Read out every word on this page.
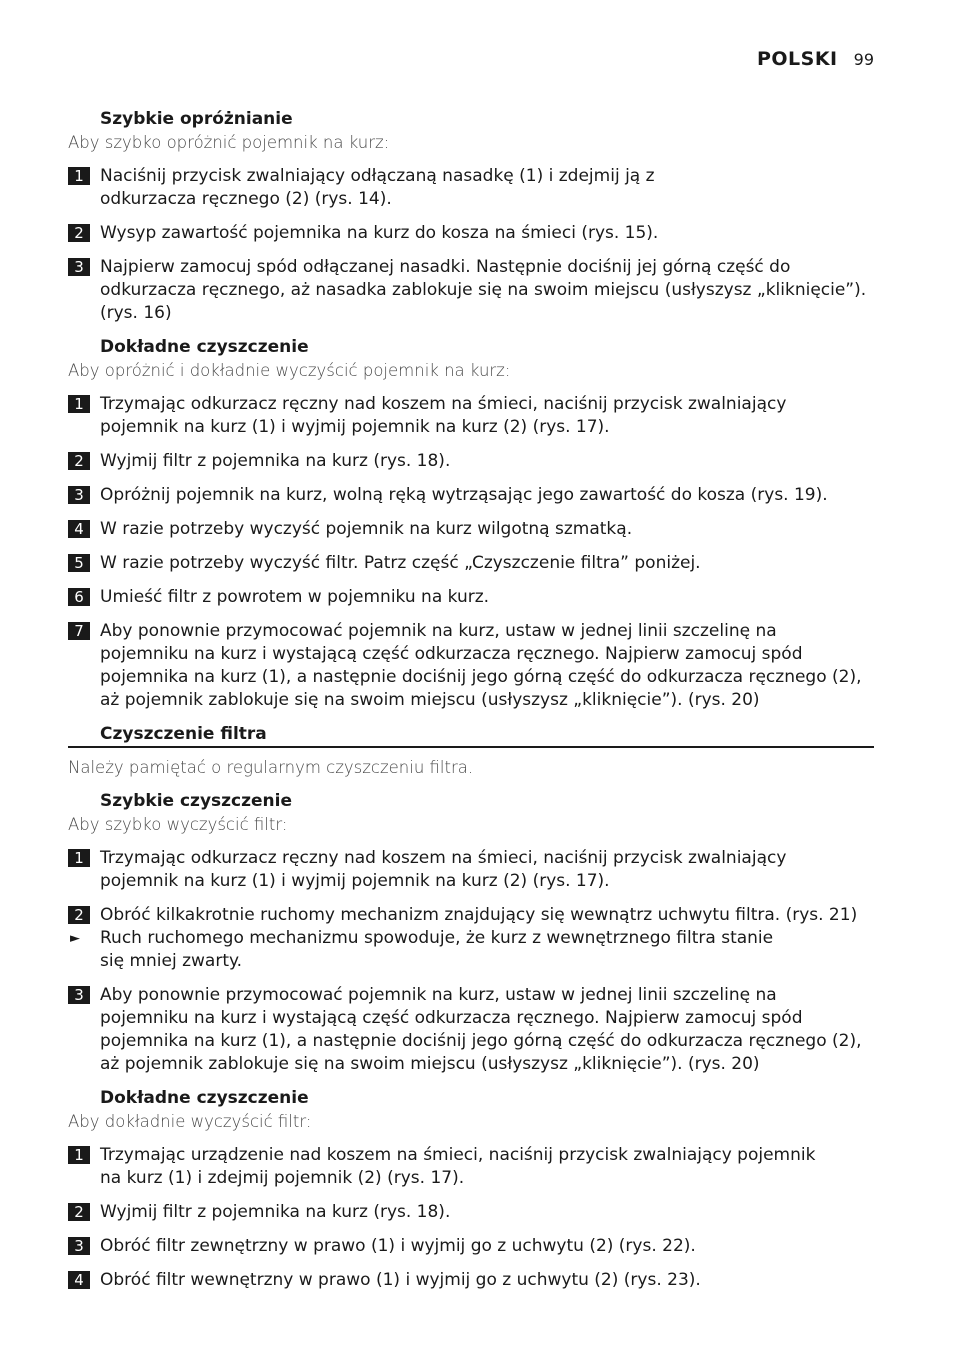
POLSKI 99
Szybkie opróżnianie
Aby szybko opróżnić pojemnik na kurz:
1 Naciśnij przycisk zwalniający odłączaną nasadkę (1) i zdejmij ją z odkurzacza ręcznego (2) (rys. 14).
2 Wysyp zawartość pojemnika na kurz do kosza na śmieci (rys. 15).
3 Najpierw zamocuj spód odłączanej nasadki. Następnie dociśnij jej górną część do odkurzacza ręcznego, aż nasadka zablokuje się na swoim miejscu (usłyszysz „kliknięcie”). (rys. 16)
Dokładne czyszczenie
Aby opróżnić i dokładnie wyczyścić pojemnik na kurz:
1 Trzymając odkurzacz ręczny nad koszem na śmieci, naciśnij przycisk zwalniający pojemnik na kurz (1) i wyjmij pojemnik na kurz (2) (rys. 17).
2 Wyjmij filtr z pojemnika na kurz (rys. 18).
3 Opróżnij pojemnik na kurz, wolną ręką wytrząsając jego zawartość do kosza (rys. 19).
4 W razie potrzeby wyczyść pojemnik na kurz wilgotną szmatką.
5 W razie potrzeby wyczyść filtr. Patrz część „Czyszczenie filtra” poniżej.
6 Umieść filtr z powrotem w pojemniku na kurz.
7 Aby ponownie przymocować pojemnik na kurz, ustaw w jednej linii szczelinę na pojemniku na kurz i wystającą część odkurzacza ręcznego. Najpierw zamocuj spód pojemnika na kurz (1), a następnie dociśnij jego górną część do odkurzacza ręcznego (2), aż pojemnik zablokuje się na swoim miejscu (usłyszysz „kliknięcie”). (rys. 20)
Czyszczenie filtra
Należy pamiętać o regularnym czyszczeniu filtra.
Szybkie czyszczenie
Aby szybko wyczyścić filtr:
1 Trzymając odkurzacz ręczny nad koszem na śmieci, naciśnij przycisk zwalniający pojemnik na kurz (1) i wyjmij pojemnik na kurz (2) (rys. 17).
2 Obróć kilkakrotnie ruchomy mechanizm znajdujący się wewnątrz uchwytu filtra. (rys. 21)
►	Ruch ruchomego mechanizmu spowoduje, że kurz z wewnętrznego filtra stanie się mniej zwarty.
3 Aby ponownie przymocować pojemnik na kurz, ustaw w jednej linii szczelinę na pojemniku na kurz i wystającą część odkurzacza ręcznego. Najpierw zamocuj spód pojemnika na kurz (1), a następnie dociśnij jego górną część do odkurzacza ręcznego (2), aż pojemnik zablokuje się na swoim miejscu (usłyszysz „kliknięcie”). (rys. 20)
Dokładne czyszczenie
Aby dokładnie wyczyścić filtr:
1 Trzymając urządzenie nad koszem na śmieci, naciśnij przycisk zwalniający pojemnik na kurz (1) i zdejmij pojemnik (2) (rys. 17).
2 Wyjmij filtr z pojemnika na kurz (rys. 18).
3 Obróć filtr zewnętrzny w prawo (1) i wyjmij go z uchwytu (2) (rys. 22).
4 Obróć filtr wewnętrzny w prawo (1) i wyjmij go z uchwytu (2) (rys. 23).
